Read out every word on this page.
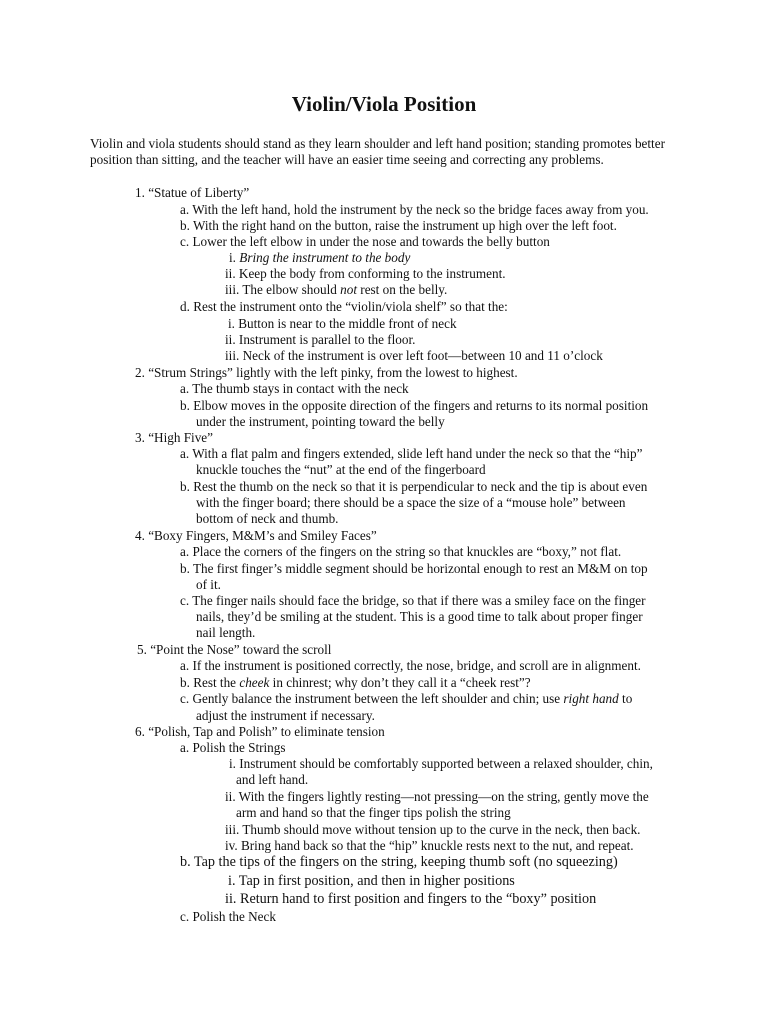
Violin/Viola Position
Violin and viola students should stand as they learn shoulder and left hand position; standing promotes better position than sitting, and the teacher will have an easier time seeing and correcting any problems.
1. “Statue of Liberty”
a. With the left hand, hold the instrument by the neck so the bridge faces away from you.
b. With the right hand on the button, raise the instrument up high over the left foot.
c. Lower the left elbow in under the nose and towards the belly button
i. Bring the instrument to the body
ii. Keep the body from conforming to the instrument.
iii. The elbow should not rest on the belly.
d. Rest the instrument onto the “violin/viola shelf” so that the:
i. Button is near to the middle front of neck
ii. Instrument is parallel to the floor.
iii. Neck of the instrument is over left foot—between 10 and 11 o’clock
2. “Strum Strings” lightly with the left pinky, from the lowest to highest.
a. The thumb stays in contact with the neck
b. Elbow moves in the opposite direction of the fingers and returns to its normal position
under the instrument, pointing toward the belly
3. “High Five”
a. With a flat palm and fingers extended, slide left hand under the neck so that the “hip”
knuckle touches the “nut” at the end of the fingerboard
b. Rest the thumb on the neck so that it is perpendicular to neck and the tip is about even
with the finger board; there should be a space the size of a “mouse hole” between
bottom of neck and thumb.
4. “Boxy Fingers, M&M’s and Smiley Faces”
a. Place the corners of the fingers on the string so that knuckles are “boxy,” not flat.
b. The first finger’s middle segment should be horizontal enough to rest an M&M on top
of it.
c. The finger nails should face the bridge, so that if there was a smiley face on the finger
nails, they’d be smiling at the student. This is a good time to talk about proper finger
nail length.
5. “Point the Nose” toward the scroll
a. If the instrument is positioned correctly, the nose, bridge, and scroll are in alignment.
b. Rest the cheek in chinrest; why don’t they call it a “cheek rest”?
c. Gently balance the instrument between the left shoulder and chin; use right hand to
adjust the instrument if necessary.
6. “Polish, Tap and Polish” to eliminate tension
a. Polish the Strings
i. Instrument should be comfortably supported between a relaxed shoulder, chin,
and left hand.
ii. With the fingers lightly resting—not pressing—on the string, gently move the
arm and hand so that the finger tips polish the string
iii. Thumb should move without tension up to the curve in the neck, then back.
iv. Bring hand back so that the “hip” knuckle rests next to the nut, and repeat.
b. Tap the tips of the fingers on the string, keeping thumb soft (no squeezing)
i. Tap in first position, and then in higher positions
ii. Return hand to first position and fingers to the “boxy” position
c. Polish the Neck
